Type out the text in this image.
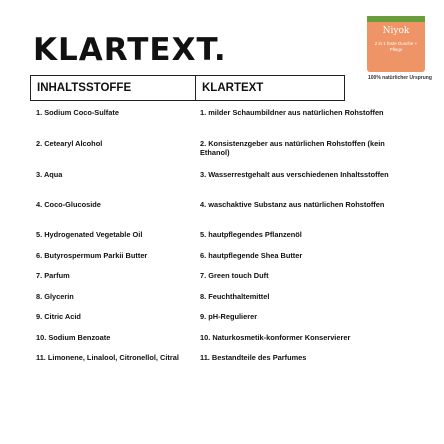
KLARTEXT.
Niyok
2 in 1 feste Dusche + Pflege
100% natürlicher Ursprung
INHALTSSTOFFE	KLARTEXT
1. Sodium Coco-Sulfate	1. milder Schaumbildner aus natürlichen Rohstoffen
2. Cetearyl Alcohol	2. Konsistenzgeber aus natürlichen Rohstoffen (kein Ethanol)
3. Aqua	3. Wasserrestgehalt aus verschiedenen Inhaltsstoffen
4. Coco-Glucoside	4. waschaktive Substanz aus natürlichen Rohstoffen
5. Hydrogenated Vegetable Oil	5. hautpflegendes Pflanzenöl
6. Butyrospermum Parkii Butter	6. hautpflegende Shea Butter
7. Parfum	7. Green touch Duft
8. Glycerin	8. Feuchthaltemittel
9. Citric Acid	9. pH-Regulierer
10. Sodium Benzoate	10. Naturkosmetik-konformer Konservierer
11. Limonene, Linalool, Citronellol, Citral	11. Bestandteile des Parfumes
